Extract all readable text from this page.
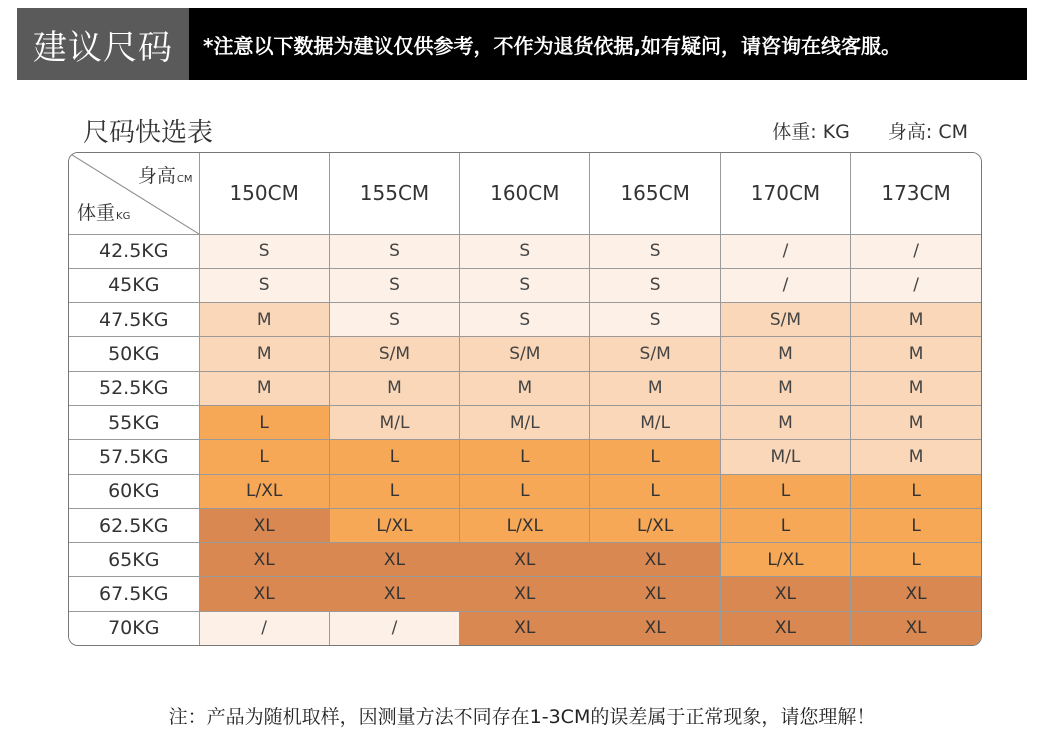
建议尺码	*注意以下数据为建议仅供参考，不作为退货依据,如有疑问，请咨询在线客服。
尺码快选表	体重: KG 身高: CM
身高CM
体重KG	150CM	155CM	160CM	165CM	170CM	173CM
42.5KG	S	S	S	S	/	/
45KG	S	S	S	S	/	/
47.5KG	M	S	S	S	S/M	M
50KG	M	S/M	S/M	S/M	M	M
52.5KG	M	M	M	M	M	M
55KG	L	M/L	M/L	M/L	M	M
57.5KG	L	L	L	L	M/L	M
60KG	L/XL	L	L	L	L	L
62.5KG	XL	L/XL	L/XL	L/XL	L	L
65KG	XL	XL	XL	XL	L/XL	L
67.5KG	XL	XL	XL	XL	XL	XL
70KG	/	/	XL	XL	XL	XL
注：产品为随机取样，因测量方法不同存在1-3CM的误差属于正常现象，请您理解！
